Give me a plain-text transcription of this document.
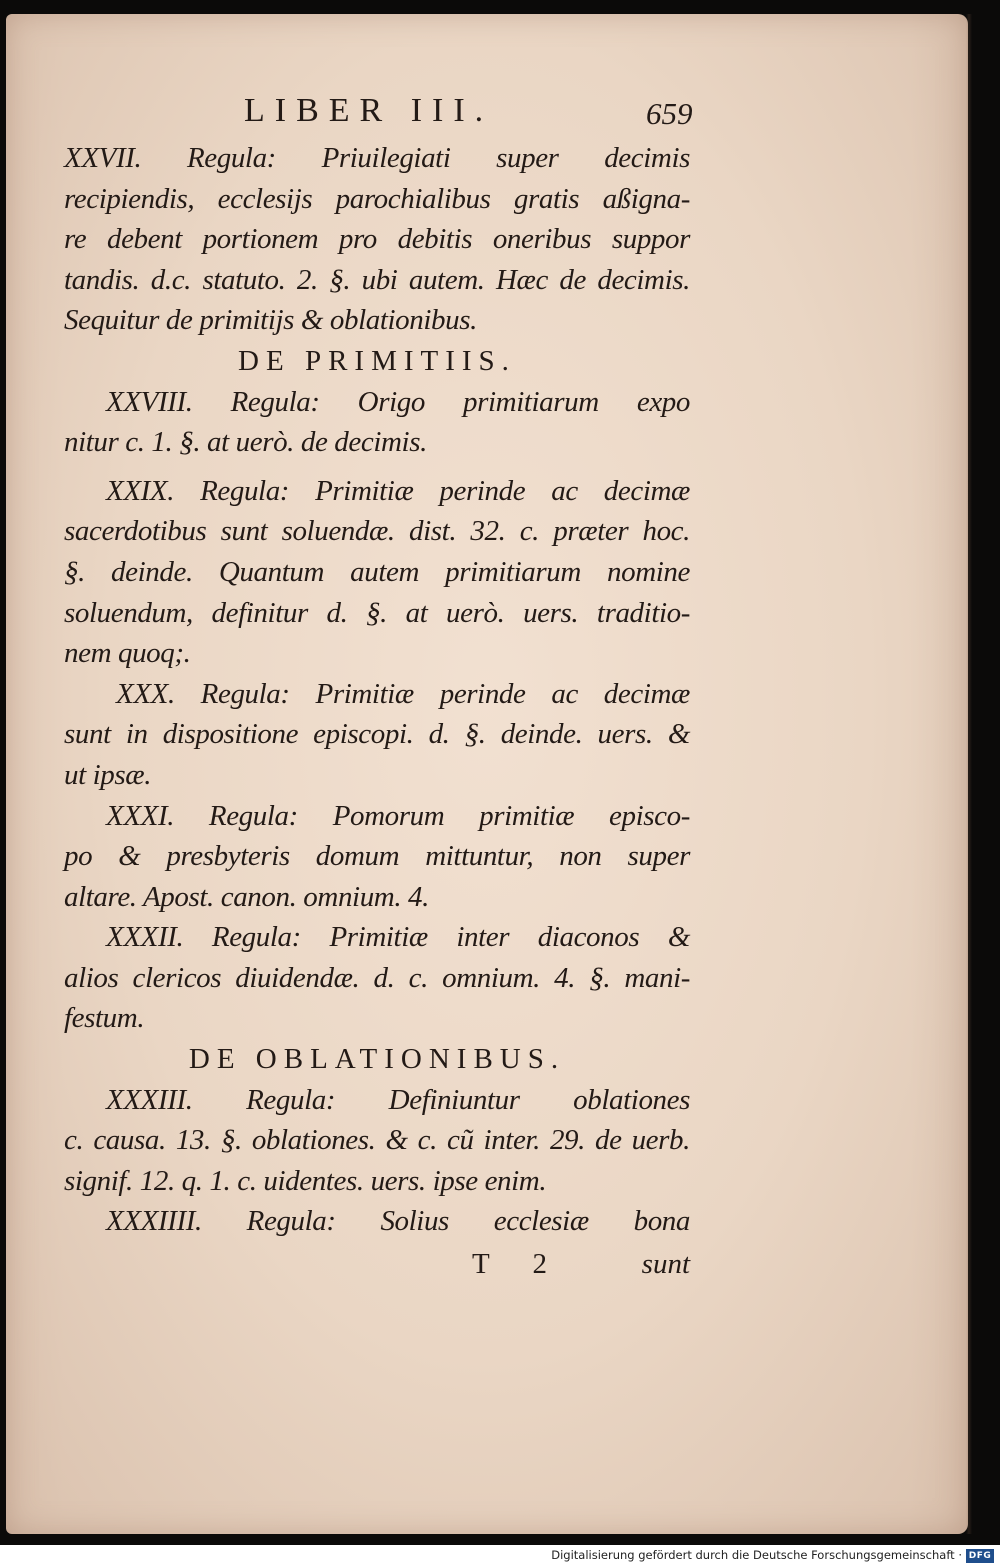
LIBER III.	659
XXVII. Regula: Priuilegiati super decimis
recipiendis, ecclesijs parochialibus gratis aßigna-
re debent portionem pro debitis oneribus suppor
tandis. d.c. statuto. 2. §. ubi autem. Hæc de decimis.
Sequitur de primitijs & oblationibus.
DE PRIMITIIS.
XXVIII. Regula: Origo primitiarum expo
nitur c. 1. §. at uerò. de decimis.
XXIX. Regula: Primitiæ perinde ac decimæ
sacerdotibus sunt soluendæ. dist. 32. c. præter hoc.
§. deinde. Quantum autem primitiarum nomine
soluendum, definitur d. §. at uerò. uers. traditio-
nem quoq;.
XXX. Regula: Primitiæ perinde ac decimæ
sunt in dispositione episcopi. d. §. deinde. uers. &
ut ipsæ.
XXXI. Regula: Pomorum primitiæ episco-
po & presbyteris domum mittuntur, non super
altare. Apost. canon. omnium. 4.
XXXII. Regula: Primitiæ inter diaconos &
alios clericos diuidendæ. d. c. omnium. 4. §. mani-
festum.
DE OBLATIONIBUS.
XXXIII. Regula: Definiuntur oblationes
c. causa. 13. §. oblationes. & c. cũ inter. 29. de uerb.
signif. 12. q. 1. c. uidentes. uers. ipse enim.
XXXIIII. Regula: Solius ecclesiæ bona
T 2	sunt
Digitalisierung gefördert durch die Deutsche Forschungsgemeinschaft · DFG
